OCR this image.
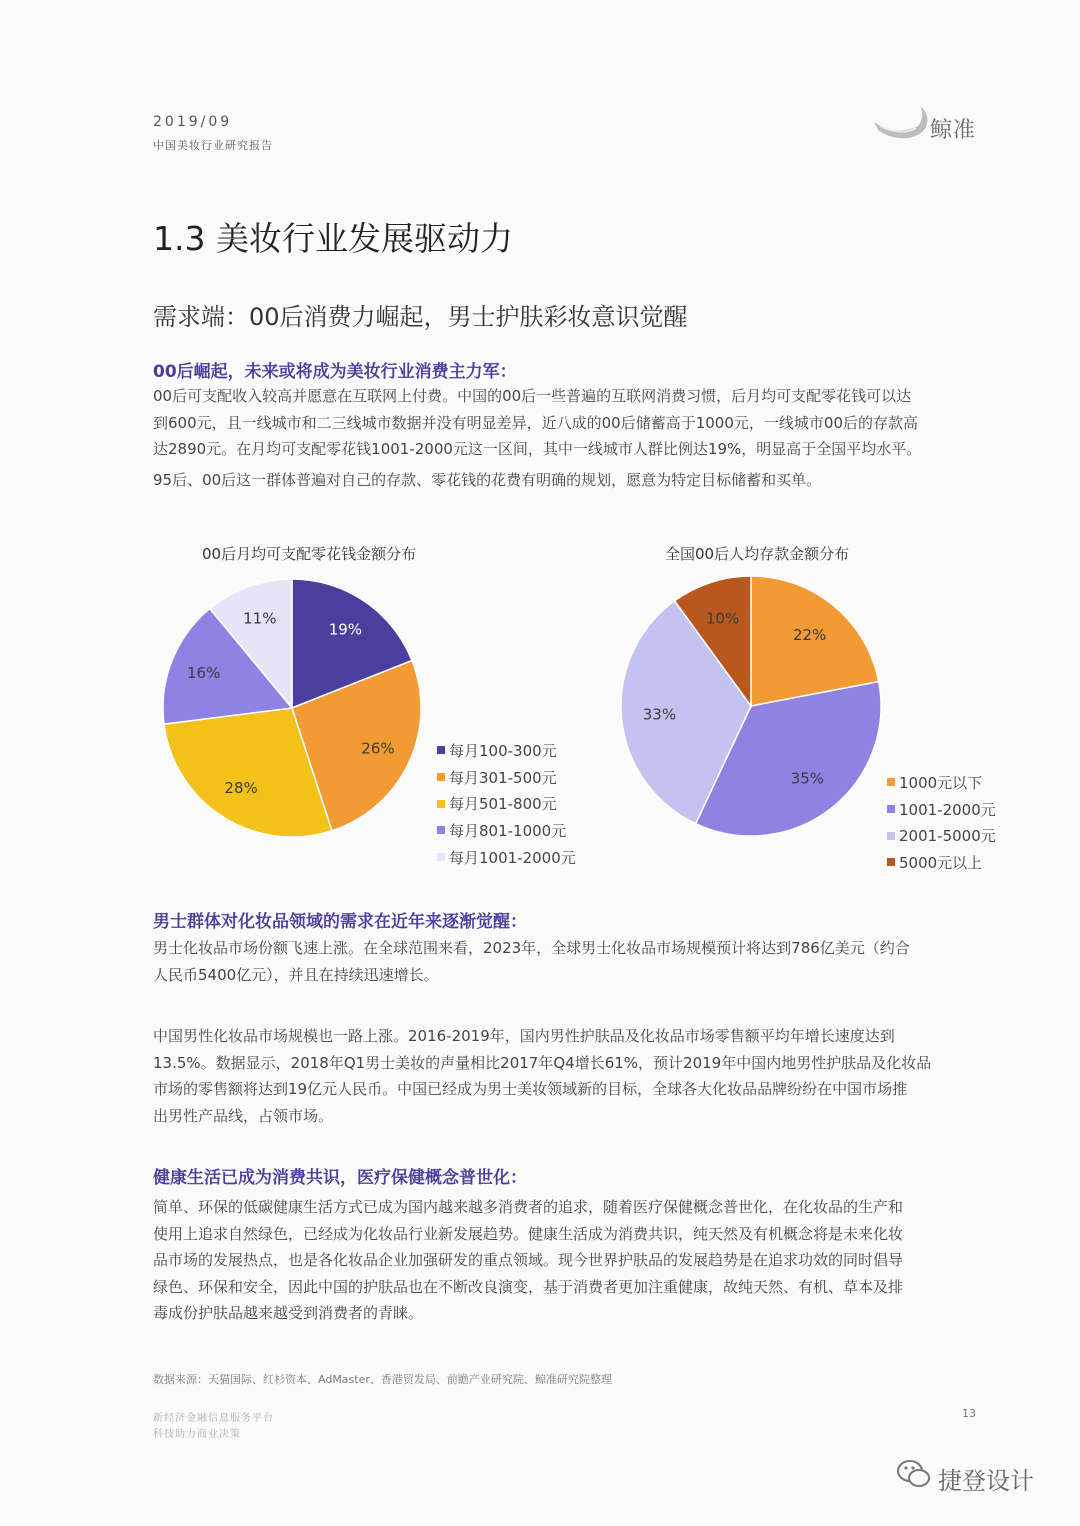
2019/09
中国美妆行业研究报告
鲸准
1.3 美妆行业发展驱动力
需求端：00后消费力崛起，男士护肤彩妆意识觉醒
00后崛起，未来或将成为美妆行业消费主力军：
00后可支配收入较高并愿意在互联网上付费。中国的00后一些普遍的互联网消费习惯，后月均可支配零花钱可以达
到600元，且一线城市和二三线城市数据并没有明显差异，近八成的00后储蓄高于1000元，一线城市00后的存款高
达2890元。在月均可支配零花钱1001-2000元这一区间，其中一线城市人群比例达19%，明显高于全国平均水平。
95后、00后这一群体普遍对自己的存款、零花钱的花费有明确的规划，愿意为特定目标储蓄和买单。
00后月均可支配零花钱金额分布
19%
26%
28%
16%
11%
每月100-300元
每月301-500元
每月501-800元
每月801-1000元
每月1001-2000元
全国00后人均存款金额分布
22%
35%
33%
10%
1000元以下
1001-2000元
2001-5000元
5000元以上
男士群体对化妆品领域的需求在近年来逐渐觉醒：
男士化妆品市场份额飞速上涨。在全球范围来看，2023年，全球男士化妆品市场规模预计将达到786亿美元（约合
人民币5400亿元），并且在持续迅速增长。
中国男性化妆品市场规模也一路上涨。2016-2019年，国内男性护肤品及化妆品市场零售额平均年增长速度达到
13.5%。数据显示，2018年Q1男士美妆的声量相比2017年Q4增长61%，预计2019年中国内地男性护肤品及化妆品
市场的零售额将达到19亿元人民币。中国已经成为男士美妆领域新的目标，全球各大化妆品品牌纷纷在中国市场推
出男性产品线，占领市场。
健康生活已成为消费共识，医疗保健概念普世化：
简单、环保的低碳健康生活方式已成为国内越来越多消费者的追求，随着医疗保健概念普世化，在化妆品的生产和
使用上追求自然绿色，已经成为化妆品行业新发展趋势。健康生活成为消费共识，纯天然及有机概念将是未来化妆
品市场的发展热点，也是各化妆品企业加强研发的重点领域。现今世界护肤品的发展趋势是在追求功效的同时倡导
绿色、环保和安全，因此中国的护肤品也在不断改良演变，基于消费者更加注重健康，故纯天然、有机、草本及排
毒成份护肤品越来越受到消费者的青睐。
数据来源：天猫国际、红杉资本、AdMaster、香港贸发局、前瞻产业研究院、鲸准研究院整理
新经济金融信息服务平台
科技助力商业决策
13
捷登设计
